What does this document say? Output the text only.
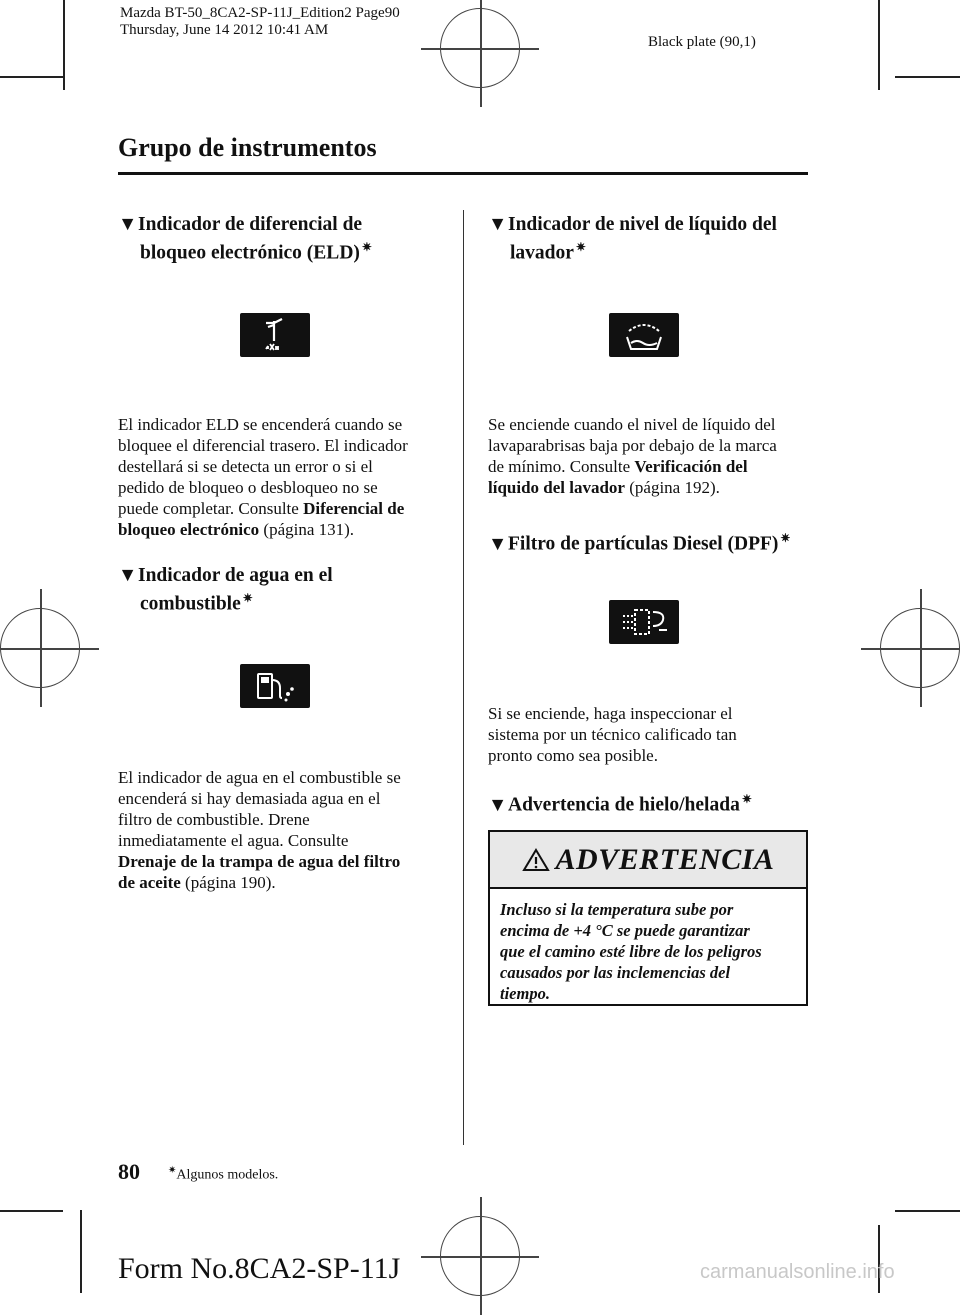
Mazda BT-50_8CA2-SP-11J_Edition2 Page90
Thursday, June 14 2012 10:41 AM
Black plate (90,1)
Grupo de instrumentos
▼Indicador de diferencial de
bloqueo electrónico (ELD) ✷
El indicador ELD se encenderá cuando se
bloquee el diferencial trasero. El indicador
destellará si se detecta un error o si el
pedido de bloqueo o desbloqueo no se
puede completar. Consulte Diferencial de
bloqueo electrónico (página 131).
▼Indicador de agua en el
combustible ✷
El indicador de agua en el combustible se
encenderá si hay demasiada agua en el
filtro de combustible. Drene
inmediatamente el agua. Consulte
Drenaje de la trampa de agua del filtro
de aceite (página 190).
▼Indicador de nivel de líquido del
lavador ✷
Se enciende cuando el nivel de líquido del
lavaparabrisas baja por debajo de la marca
de mínimo. Consulte Verificación del
líquido del lavador (página 192).
▼Filtro de partículas Diesel (DPF) ✷
Si se enciende, haga inspeccionar el
sistema por un técnico calificado tan
pronto como sea posible.
▼Advertencia de hielo/helada ✷
ADVERTENCIA
Incluso si la temperatura sube por
encima de +4 °C se puede garantizar
que el camino esté libre de los peligros
causados por las inclemencias del
tiempo.
80	✷Algunos modelos.
Form No.8CA2-SP-11J	carmanualsonline.info
